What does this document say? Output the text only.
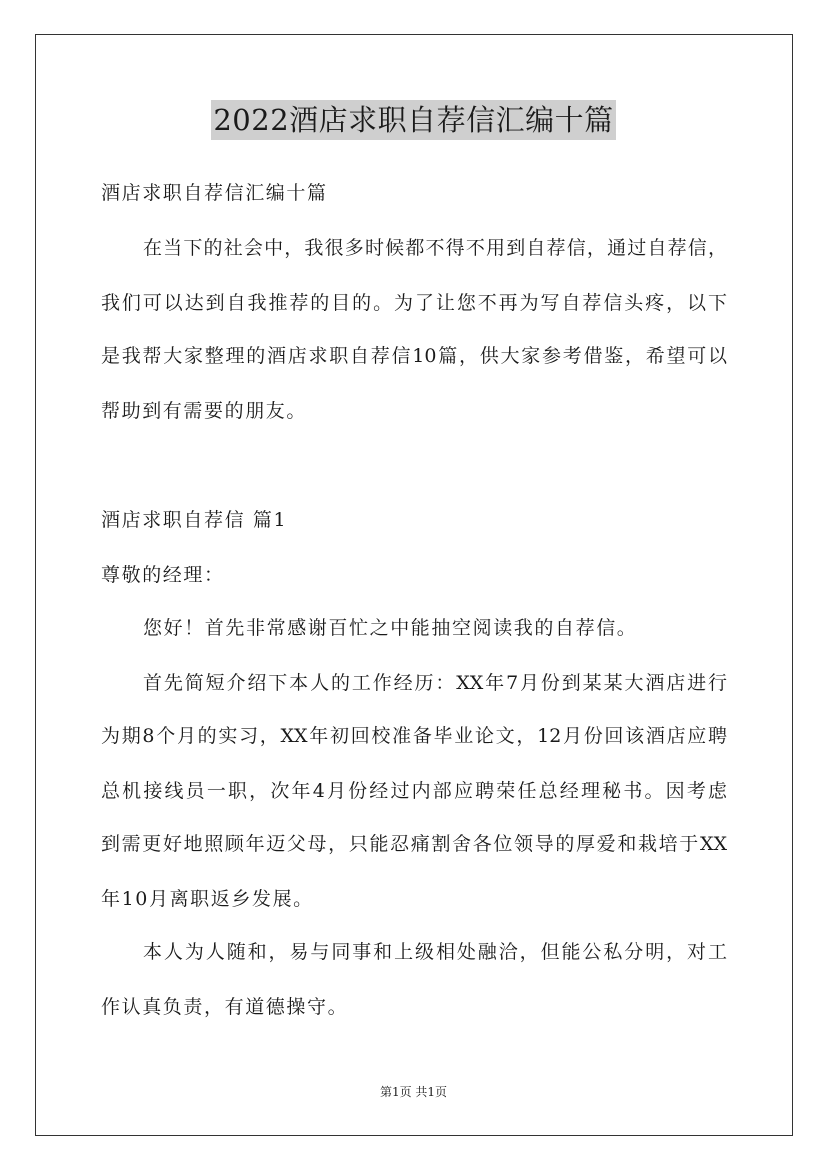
2022酒店求职自荐信汇编十篇
酒店求职自荐信汇编十篇
在当下的社会中，我很多时候都不得不用到自荐信，通过自荐信，
我们可以达到自我推荐的目的。为了让您不再为写自荐信头疼，以下
是我帮大家整理的酒店求职自荐信10篇，供大家参考借鉴，希望可以
帮助到有需要的朋友。
酒店求职自荐信 篇1
尊敬的经理：
您好！首先非常感谢百忙之中能抽空阅读我的自荐信。
首先简短介绍下本人的工作经历：XX年7月份到某某大酒店进行
为期8个月的实习，XX年初回校准备毕业论文，12月份回该酒店应聘
总机接线员一职，次年4月份经过内部应聘荣任总经理秘书。因考虑
到需更好地照顾年迈父母，只能忍痛割舍各位领导的厚爱和栽培于XX
年10月离职返乡发展。
本人为人随和，易与同事和上级相处融洽，但能公私分明，对工
作认真负责，有道德操守。
第1页 共1页
